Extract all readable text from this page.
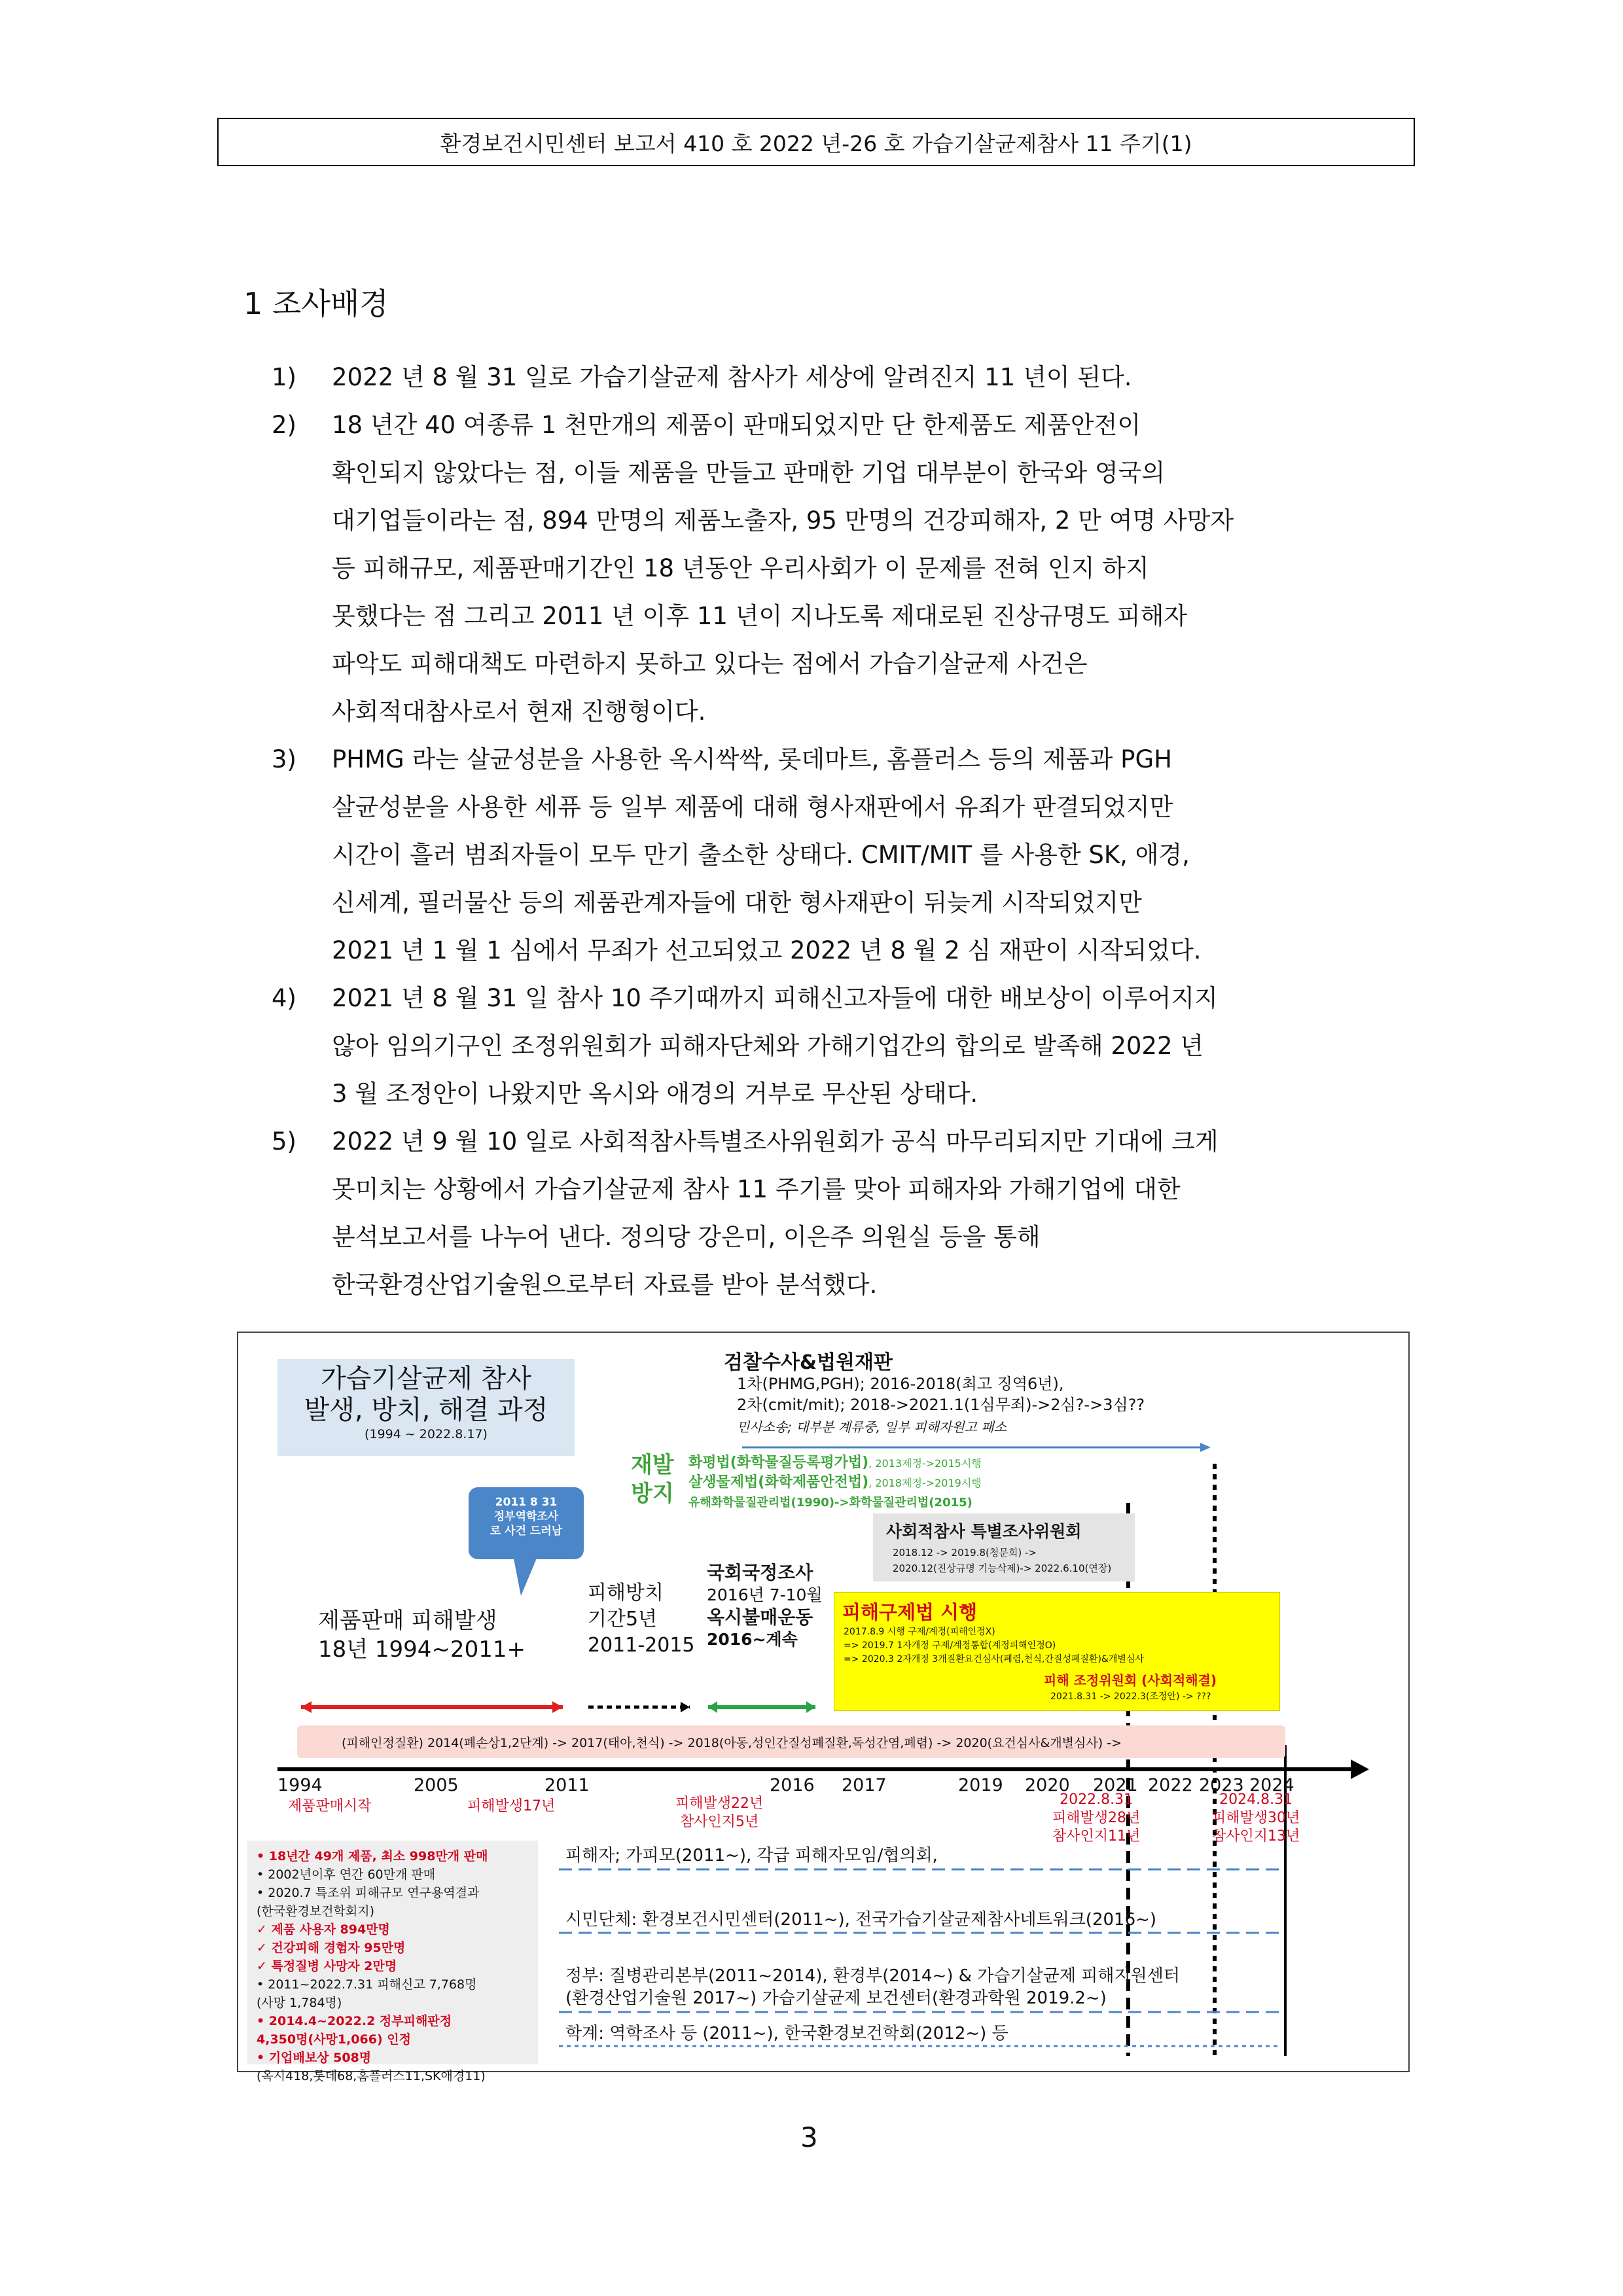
환경보건시민센터 보고서 410 호 2022 년-26 호 가습기살균제참사 11 주기(1)
1 조사배경
1)	2022 년 8 월 31 일로 가습기살균제 참사가 세상에 알려진지 11 년이 된다.
2)	18 년간 40 여종류 1 천만개의 제품이 판매되었지만 단 한제품도 제품안전이
확인되지 않았다는 점, 이들 제품을 만들고 판매한 기업 대부분이 한국와 영국의
대기업들이라는 점, 894 만명의 제품노출자, 95 만명의 건강피해자, 2 만 여명 사망자
등 피해규모, 제품판매기간인 18 년동안 우리사회가 이 문제를 전혀 인지 하지
못했다는 점 그리고 2011 년 이후 11 년이 지나도록 제대로된 진상규명도 피해자
파악도 피해대책도 마련하지 못하고 있다는 점에서 가습기살균제 사건은
사회적대참사로서 현재 진행형이다.
3)	PHMG 라는 살균성분을 사용한 옥시싹싹, 롯데마트, 홈플러스 등의 제품과 PGH
살균성분을 사용한 세퓨 등 일부 제품에 대해 형사재판에서 유죄가 판결되었지만
시간이 흘러 범죄자들이 모두 만기 출소한 상태다. CMIT/MIT 를 사용한 SK, 애경,
신세계, 필러물산 등의 제품관계자들에 대한 형사재판이 뒤늦게 시작되었지만
2021 년 1 월 1 심에서 무죄가 선고되었고 2022 년 8 월 2 심 재판이 시작되었다.
4)	2021 년 8 월 31 일 참사 10 주기때까지 피해신고자들에 대한 배보상이 이루어지지
않아 임의기구인 조정위원회가 피해자단체와 가해기업간의 합의로 발족해 2022 년
3 월 조정안이 나왔지만 옥시와 애경의 거부로 무산된 상태다.
5)	2022 년 9 월 10 일로 사회적참사특별조사위원회가 공식 마무리되지만 기대에 크게
못미치는 상황에서 가습기살균제 참사 11 주기를 맞아 피해자와 가해기업에 대한
분석보고서를 나누어 낸다. 정의당 강은미, 이은주 의원실 등을 통해
한국환경산업기술원으로부터 자료를 받아 분석했다.
가습기살균제 참사
발생, 방치, 해결 과정
(1994 ~ 2022.8.17)
2011 8 31
정부역학조사
로 사건 드러남
검찰수사&법원재판
1차(PHMG,PGH); 2016-2018(최고 징역6년),
2차(cmit/mit); 2018->2021.1(1심무죄)->2심?->3심??
민사소송; 대부분 계류중, 일부 피해자원고 패소
재발
방지
화평법(화학물질등록평가법), 2013제정->2015시행
살생물제법(화학제품안전법), 2018제정->2019시행
유해화학물질관리법(1990)->화학물질관리법(2015)
사회적참사 특별조사위원회
2018.12 -> 2019.8(청문회) ->
2020.12(진상규명 기능삭제)-> 2022.6.10(연장)
제품판매 피해발생
18년 1994~2011+
피해방치
기간5년
2011-2015
국회국정조사
2016년 7-10월
옥시불매운동
2016~계속
피해구제법 시행
2017.8.9 시행 구제/계정(피해인정X)
=> 2019.7 1자개정 구제/계정통합(계정피해인정O)
=> 2020.3 2자개정 3개질환요건심사(폐렴,천식,간질성폐질환)&개별심사
피해 조정위원회 (사회적해결)
2021.8.31 -> 2022.3(조정안) -> ???
(피해인정질환) 2014(폐손상1,2단계) -> 2017(태아,천식) -> 2018(아동,성인간질성폐질환,독성간염,폐렴) -> 2020(요건심사&개별심사) ->
1994	2005	2011	2016 2017	2019 2020 2021 2022 2023 2024
제품판매시작	피해발생17년	피해발생22년
참사인지5년
2022.8.31
피해발생28년
참사인지11년
2024.8.31
피해발생30년
참사인지13년
• 18년간 49개 제품, 최소 998만개 판매
• 2002년이후 연간 60만개 판매
• 2020.7 특조위 피해규모 연구용역결과
(한국환경보건학회지)
✓ 제품 사용자 894만명
✓ 건강피해 경험자 95만명
✓ 특정질병 사망자 2만명
• 2011~2022.7.31 피해신고 7,768명
(사망 1,784명)
• 2014.4~2022.2 정부피해판정
4,350명(사망1,066) 인정
• 기업배보상 508명
(옥시418,롯데68,홈플러스11,SK애경11)
피해자; 가피모(2011~), 각급 피해자모임/협의회,
시민단체: 환경보건시민센터(2011~), 전국가습기살균제참사네트워크(2016~)
정부: 질병관리본부(2011~2014), 환경부(2014~) & 가습기살균제 피해지원센터
(환경산업기술원 2017~) 가습기살균제 보건센터(환경과학원 2019.2~)
학계: 역학조사 등 (2011~), 한국환경보건학회(2012~) 등
3
